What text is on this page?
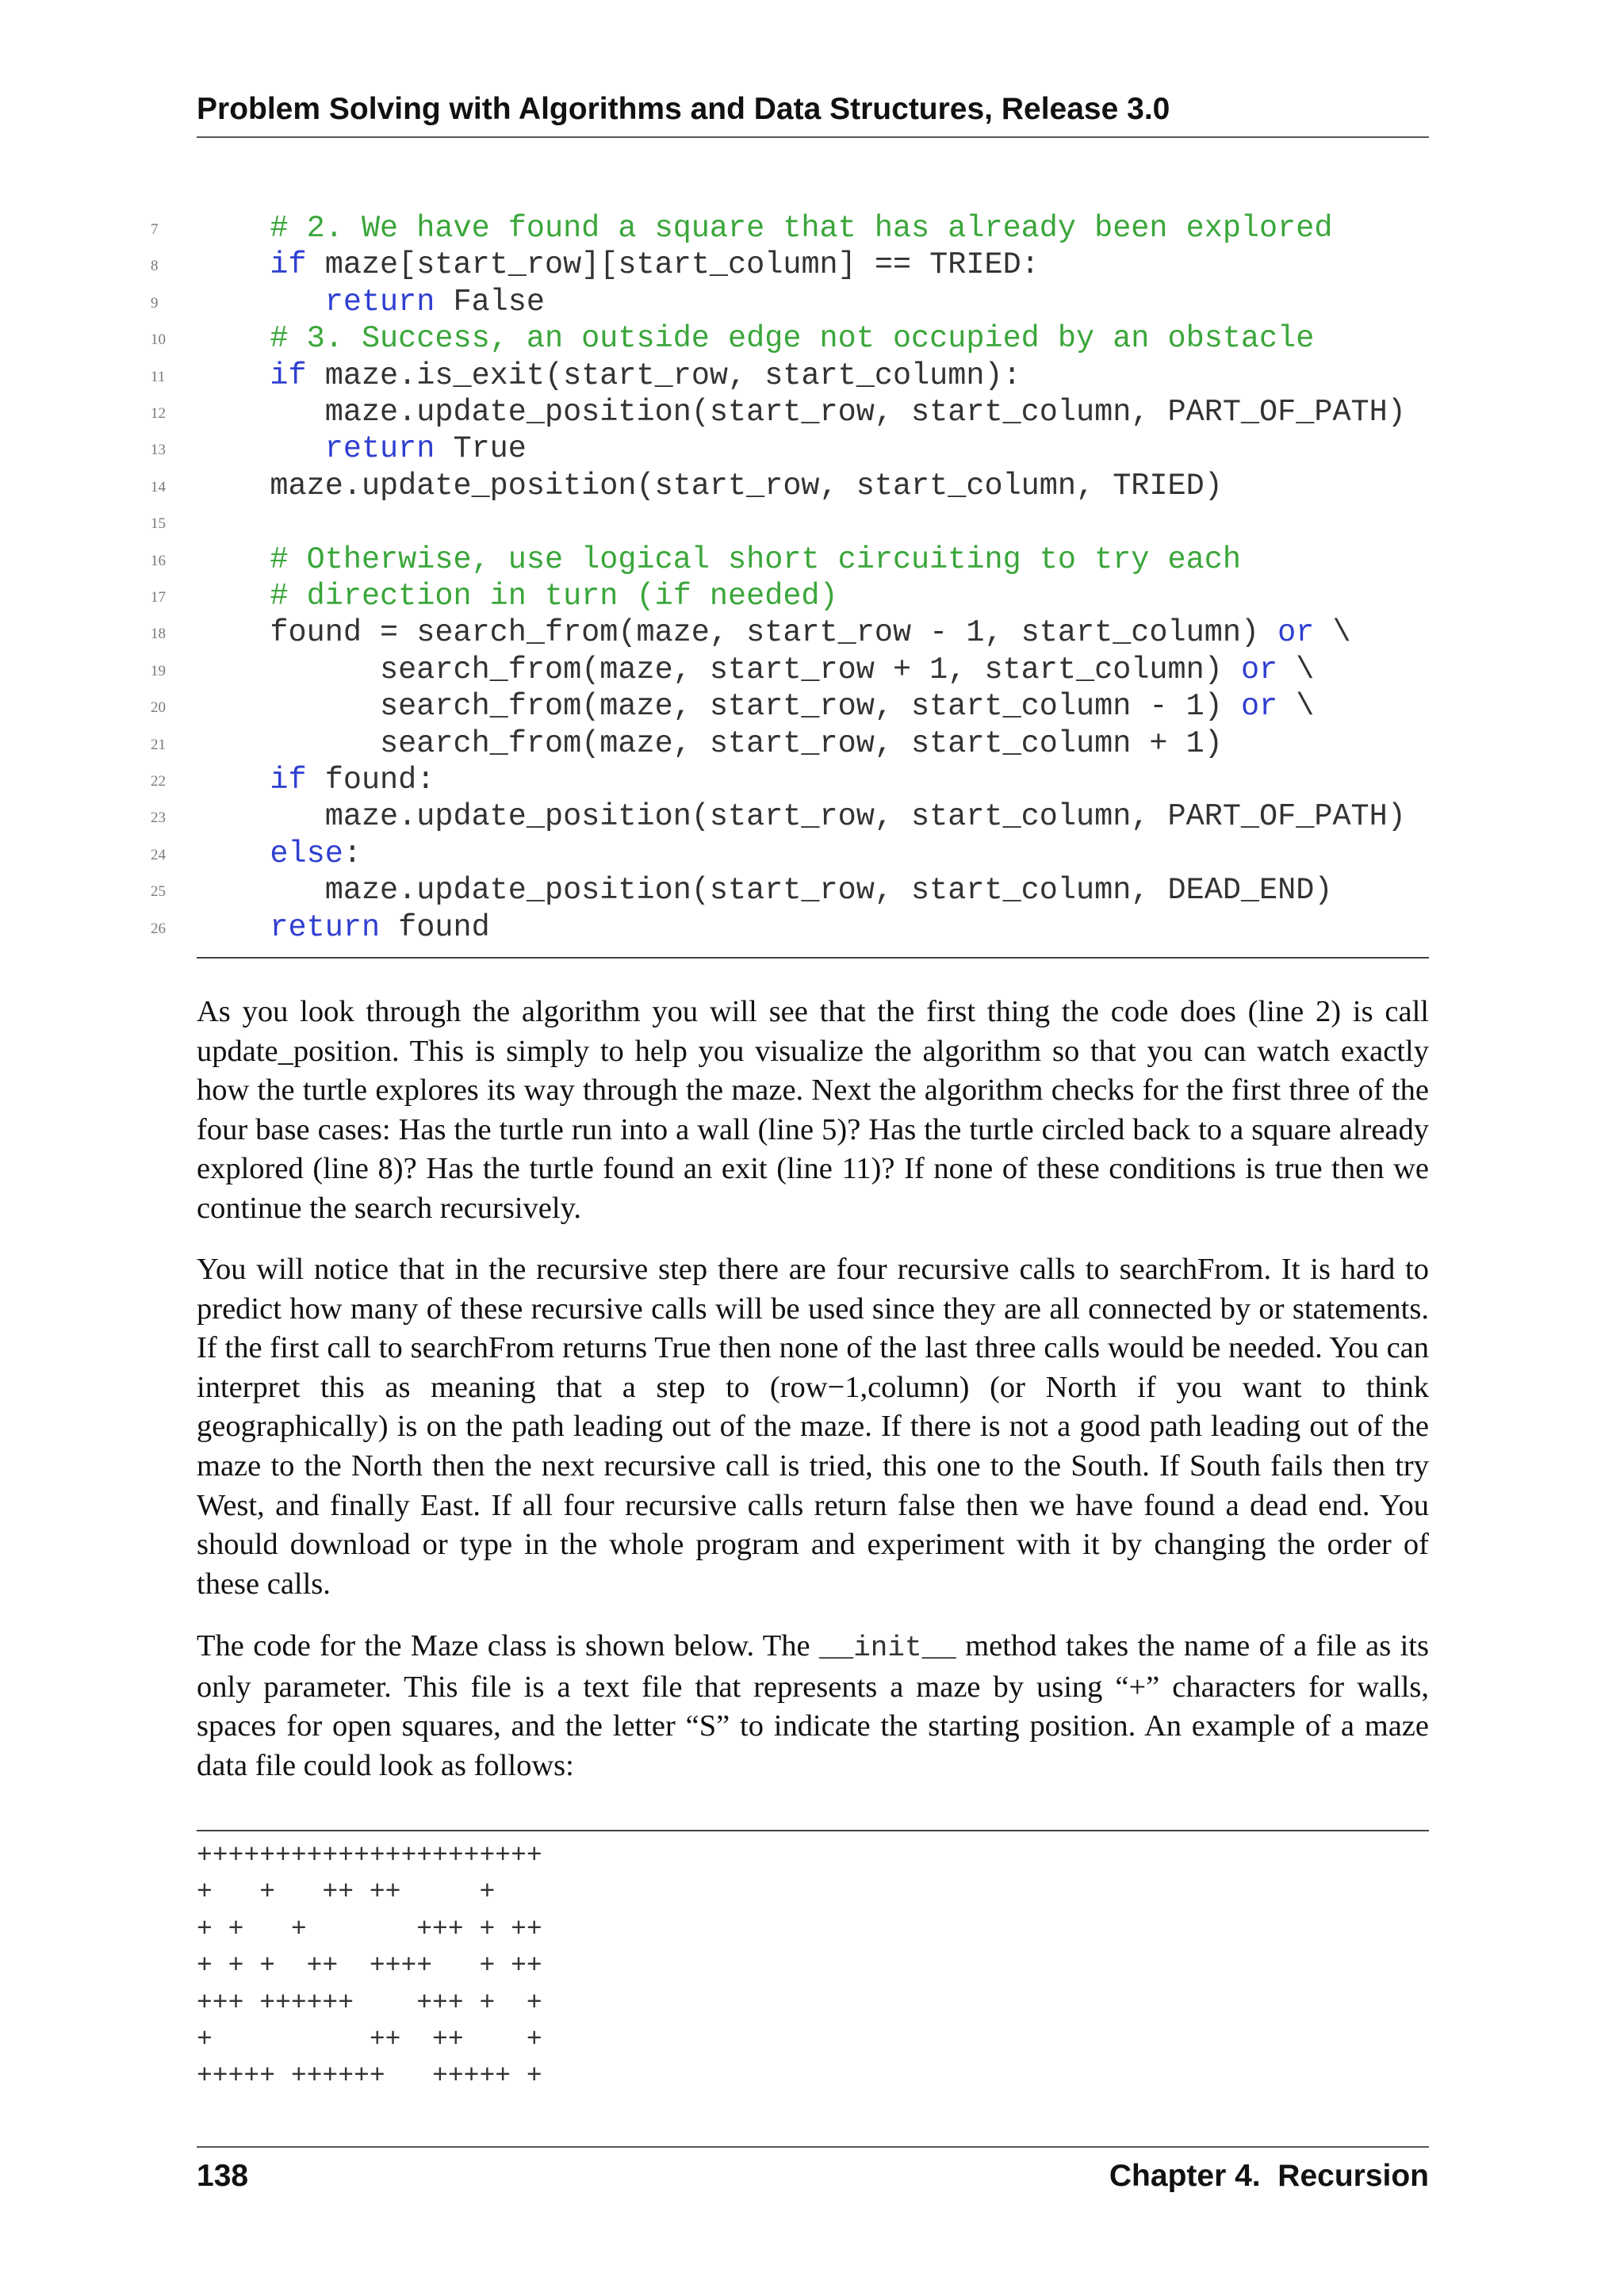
Problem Solving with Algorithms and Data Structures, Release 3.0
7	# 2. We have found a square that has already been explored
8	if maze[start_row][start_column] == TRIED:
9	return False
10	# 3. Success, an outside edge not occupied by an obstacle
11	if maze.is_exit(start_row, start_column):
12	maze.update_position(start_row, start_column, PART_OF_PATH)
13	return True
14	maze.update_position(start_row, start_column, TRIED)
15
16	# Otherwise, use logical short circuiting to try each
17	# direction in turn (if needed)
18	found = search_from(maze, start_row - 1, start_column) or \
19	search_from(maze, start_row + 1, start_column) or \
20	search_from(maze, start_row, start_column - 1) or \
21	search_from(maze, start_row, start_column + 1)
22	if found:
23	maze.update_position(start_row, start_column, PART_OF_PATH)
24	else:
25	maze.update_position(start_row, start_column, DEAD_END)
26	return found

As you look through the algorithm you will see that the first thing the code does (line 2) is call update_position. This is simply to help you visualize the algorithm so that you can watch exactly how the turtle explores its way through the maze. Next the algorithm checks for the first three of the four base cases: Has the turtle run into a wall (line 5)? Has the turtle circled back to a square already explored (line 8)? Has the turtle found an exit (line 11)? If none of these conditions is true then we continue the search recursively.

You will notice that in the recursive step there are four recursive calls to searchFrom. It is hard to predict how many of these recursive calls will be used since they are all connected by or statements. If the first call to searchFrom returns True then none of the last three calls would be needed. You can interpret this as meaning that a step to (row−1,column) (or North if you want to think geographically) is on the path leading out of the maze. If there is not a good path leading out of the maze to the North then the next recursive call is tried, this one to the South. If South fails then try West, and finally East. If all four recursive calls return false then we have found a dead end. You should download or type in the whole program and experiment with it by changing the order of these calls.

The code for the Maze class is shown below. The __init__ method takes the name of a file as its only parameter. This file is a text file that represents a maze by using “+” characters for walls, spaces for open squares, and the letter “S” to indicate the starting position. An example of a maze data file could look as follows:

++++++++++++++++++++++
+   +   ++ ++     +
+ +   +       +++ + ++
+ + +  ++  ++++   + ++
+++ ++++++    +++ +  +
+          ++  ++    +
+++++ ++++++   +++++ +
138	Chapter 4.  Recursion
